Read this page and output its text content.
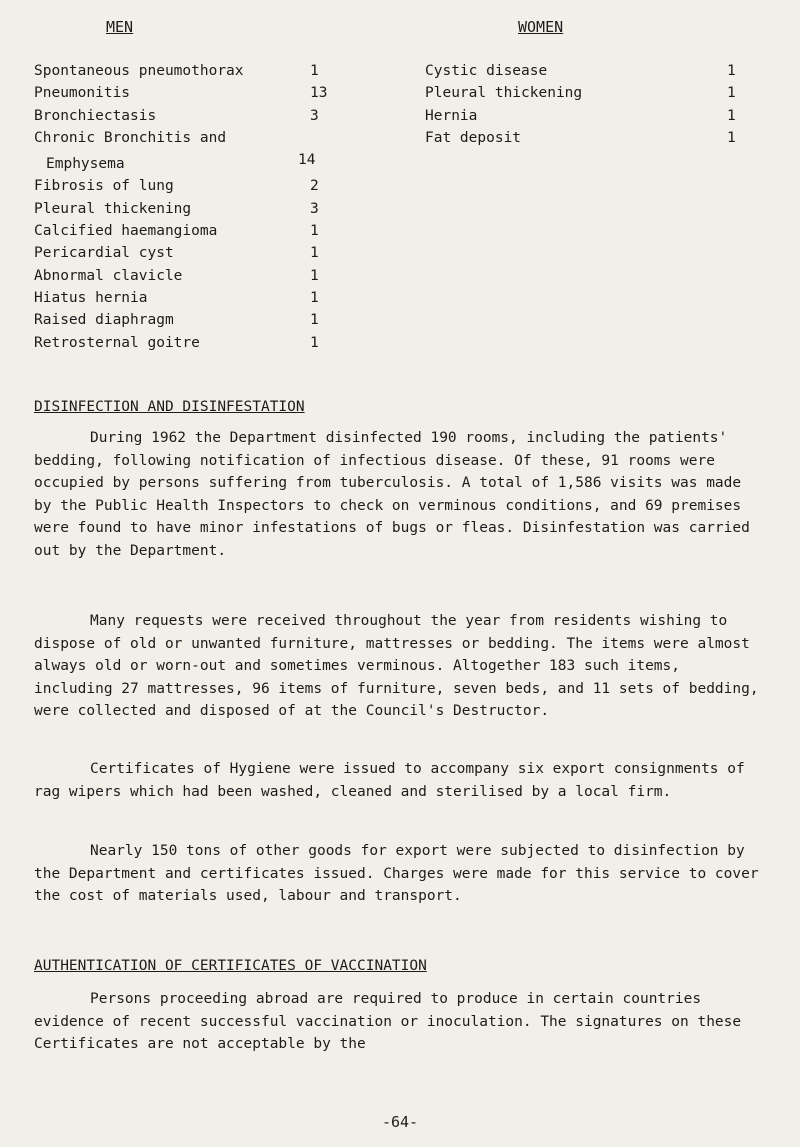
MEN	WOMEN
Spontaneous pneumothorax	1
Pneumonitis	13
Bronchiectasis	3
Chronic Bronchitis and
Emphysema	14
Fibrosis of lung	2
Pleural thickening	3
Calcified haemangioma	1
Pericardial cyst	1
Abnormal clavicle	1
Hiatus hernia	1
Raised diaphragm	1
Retrosternal goitre	1
Cystic disease	1
Pleural thickening	1
Hernia	1
Fat deposit	1
DISINFECTION AND DISINFESTATION

During 1962 the Department disinfected 190 rooms, including the patients' bedding, following notification of infectious disease. Of these, 91 rooms were occupied by persons suffering from tuberculosis. A total of 1,586 visits was made by the Public Health Inspectors to check on verminous conditions, and 69 premises were found to have minor infestations of bugs or fleas. Disinfestation was carried out by the Department.

Many requests were received throughout the year from residents wishing to dispose of old or unwanted furniture, mattresses or bedding. The items were almost always old or worn-out and sometimes verminous. Altogether 183 such items, including 27 mattresses, 96 items of furniture, seven beds, and 11 sets of bedding, were collected and disposed of at the Council's Destructor.

Certificates of Hygiene were issued to accompany six export consignments of rag wipers which had been washed, cleaned and sterilised by a local firm.

Nearly 150 tons of other goods for export were subjected to disinfection by the Department and certificates issued. Charges were made for this service to cover the cost of materials used, labour and transport.

AUTHENTICATION OF CERTIFICATES OF VACCINATION

Persons proceeding abroad are required to produce in certain countries evidence of recent successful vaccination or inoculation. The signatures on these Certificates are not acceptable by the

-64-
